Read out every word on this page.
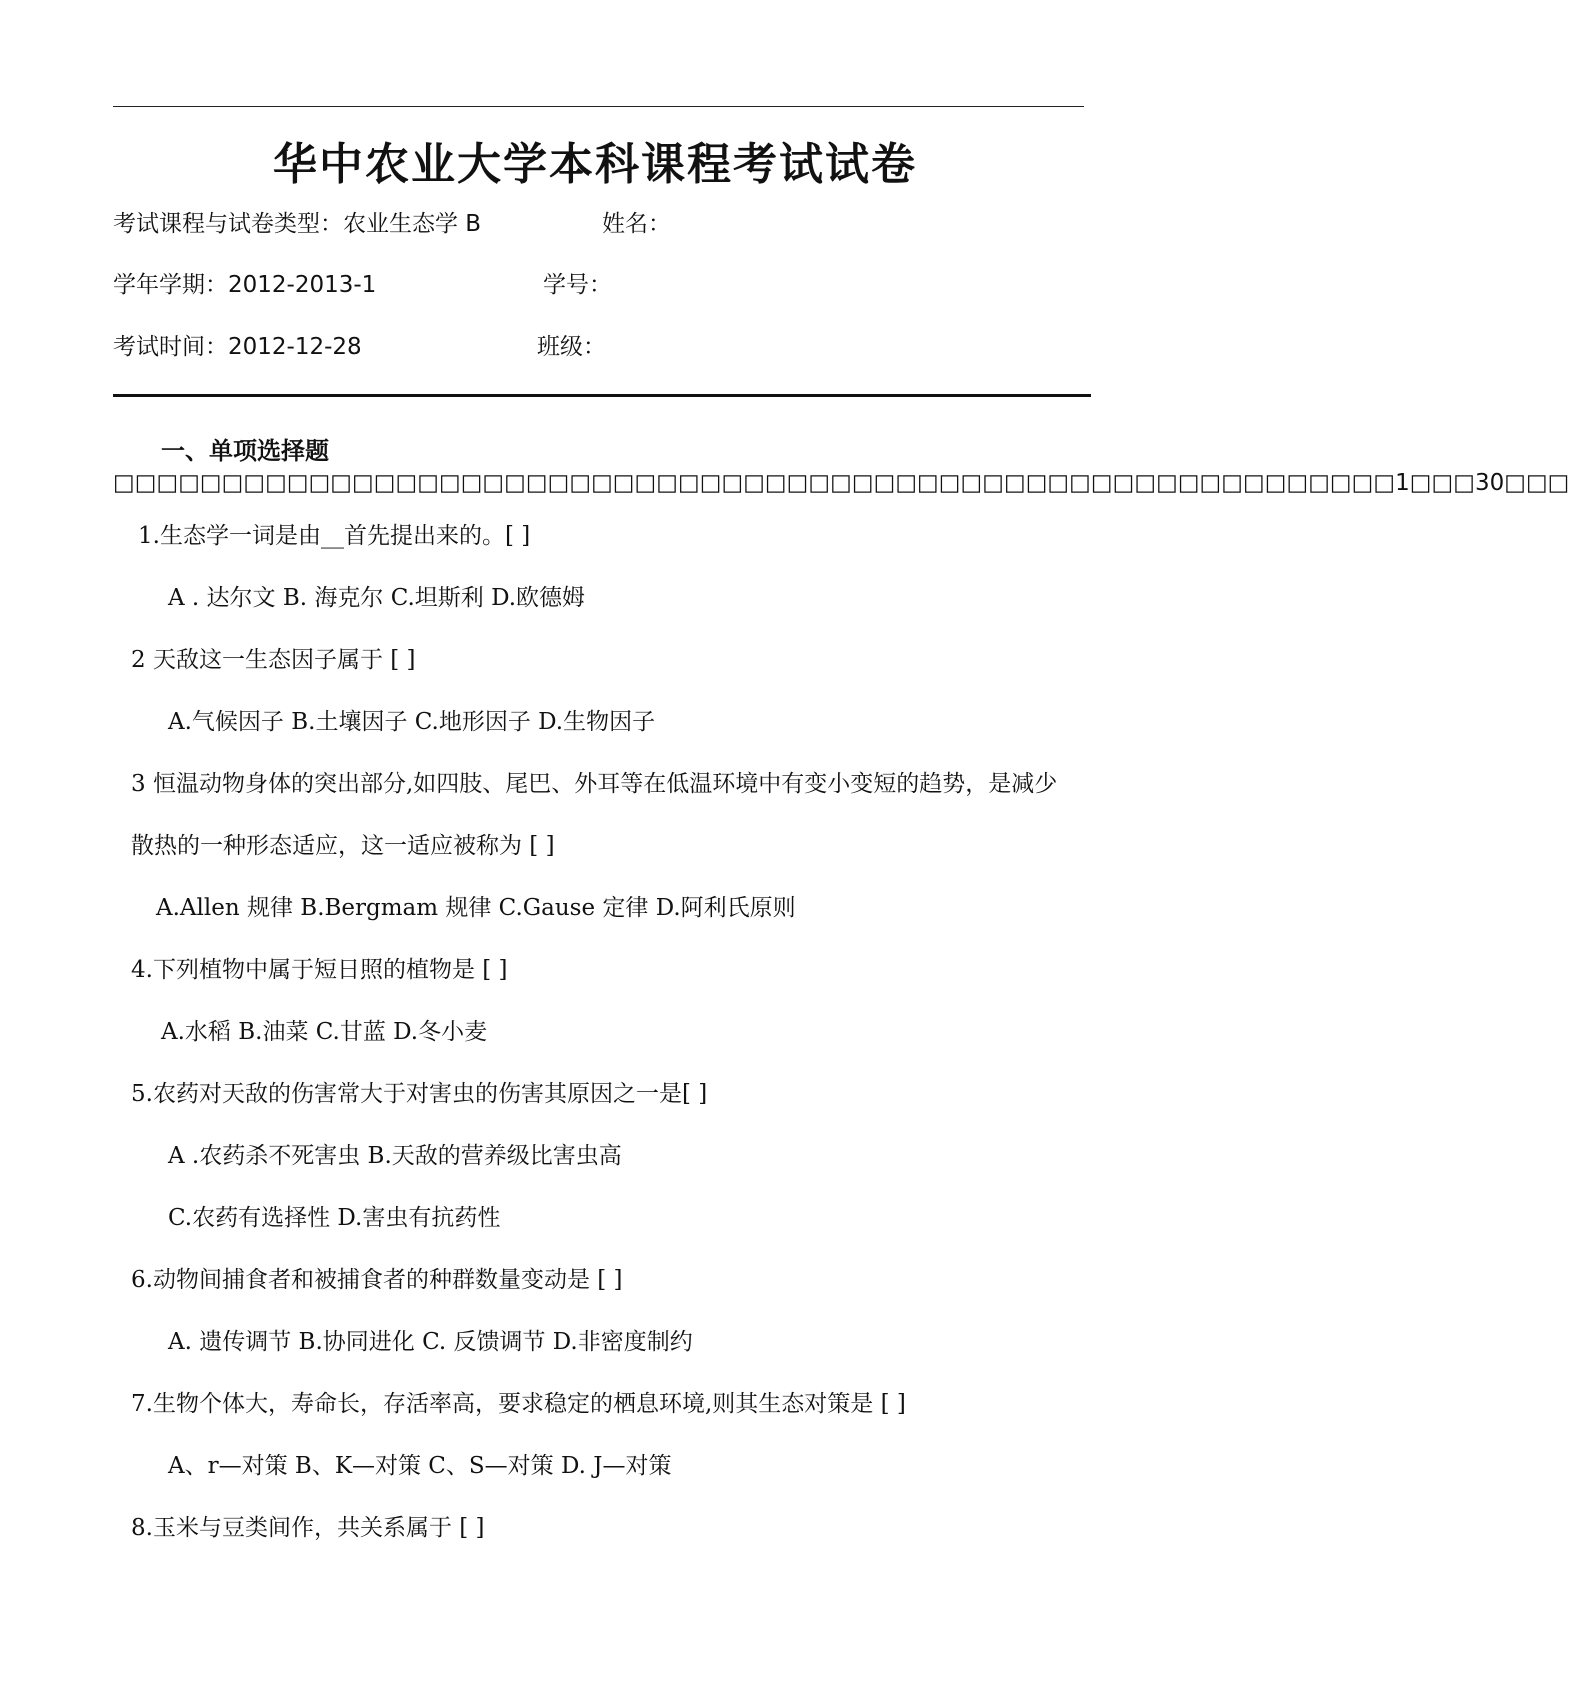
华中农业大学本科课程考试试卷
考试课程与试卷类型：农业生态学 B	姓名：
学年学期：2012-2013-1	学号：
考试时间：2012-12-28	班级：
一、单项选择题□□□□□□□□□□□□□□□□□□□□□□□□□□□□□□□□□□□□□□□□□□□□□□□□□□□□□□□□□□□1□□□30□□□
1.生态学一词是由__首先提出来的。[ ]
A . 达尔文 B. 海克尔 C.坦斯利 D.欧德姆
2 天敌这一生态因子属于 [ ]
A.气候因子 B.土壤因子 C.地形因子 D.生物因子
3 恒温动物身体的突出部分,如四肢、尾巴、外耳等在低温环境中有变小变短的趋势，是减少
散热的一种形态适应，这一适应被称为 [ ]
A.Allen 规律 B.Bergmam 规律 C.Gause 定律 D.阿利氏原则
4.下列植物中属于短日照的植物是 [ ]
A.水稻 B.油菜 C.甘蓝 D.冬小麦
5.农药对天敌的伤害常大于对害虫的伤害其原因之一是[ ]
A .农药杀不死害虫 B.天敌的营养级比害虫高
C.农药有选择性 D.害虫有抗药性
6.动物间捕食者和被捕食者的种群数量变动是 [ ]
A. 遗传调节 B.协同进化 C. 反馈调节 D.非密度制约
7.生物个体大，寿命长，存活率高，要求稳定的栖息环境,则其生态对策是 [ ]
A、r—对策 B、K—对策 C、S—对策 D. J—对策
8.玉米与豆类间作，共关系属于 [ ]
